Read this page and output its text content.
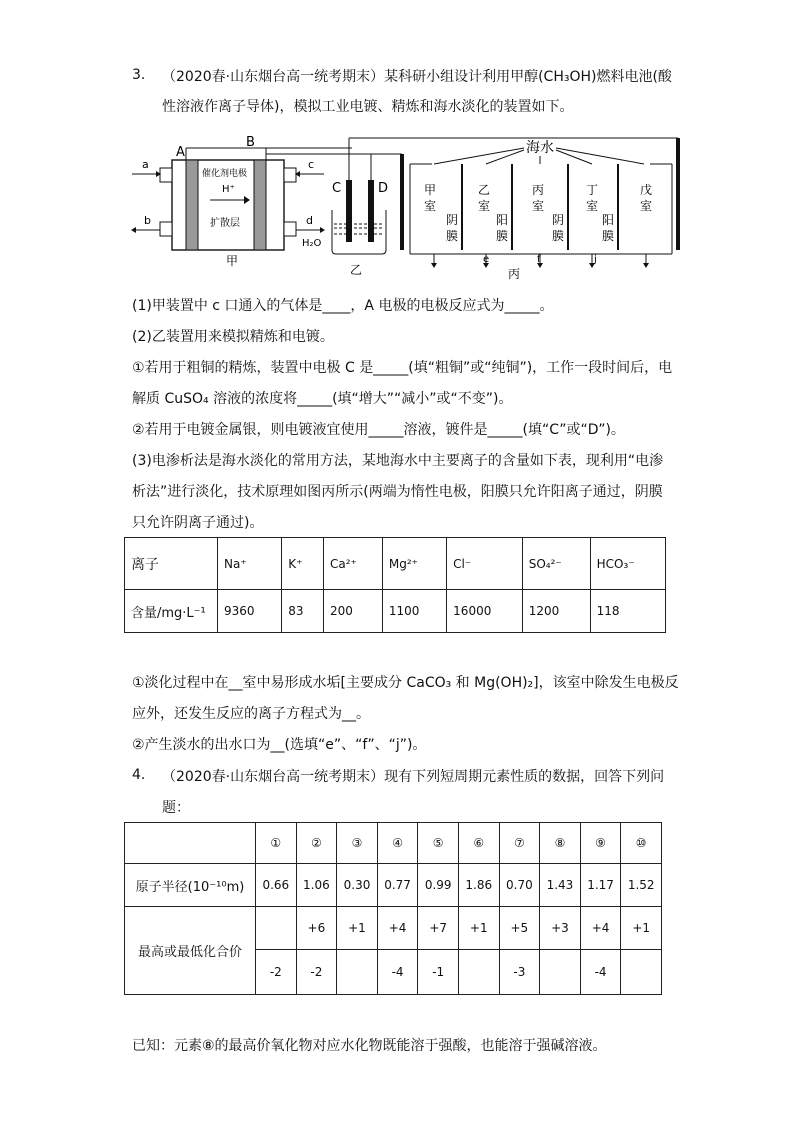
3. （2020春·山东烟台高一统考期末）某科研小组设计利用甲醇(CH₃OH)燃料电池(酸
性溶液作离子导体)，模拟工业电镀、精炼和海水淡化的装置如下。
A
B
催化剂电极
H⁺
扩散层
a
b
c
d
H₂O
甲
C	D
乙
海水
甲
室
乙
室
丙
室
丁
室
戊
室
阴
膜
阳
膜
阴
膜
阳
膜
e	f	j
丙
(1)甲装置中 c 口通入的气体是____，A 电极的电极反应式为_____。
(2)乙装置用来模拟精炼和电镀。
①若用于粗铜的精炼，装置中电极 C 是_____(填“粗铜”或“纯铜”)，工作一段时间后，电
解质 CuSO₄ 溶液的浓度将_____(填“增大”“减小”或“不变”)。
②若用于电镀金属银，则电镀液宜使用_____溶液，镀件是_____(填“C”或“D”)。
(3)电渗析法是海水淡化的常用方法，某地海水中主要离子的含量如下表，现利用“电渗
析法”进行淡化，技术原理如图丙所示(两端为惰性电极，阳膜只允许阳离子通过，阴膜
只允许阴离子通过)。
离子	Na⁺	K⁺	Ca²⁺	Mg²⁺	Cl⁻	SO₄²⁻	HCO₃⁻
含量/mg·L⁻¹	9360	83	200	1100	16000	1200	118
①淡化过程中在__室中易形成水垢[主要成分 CaCO₃ 和 Mg(OH)₂]，该室中除发生电极反
应外，还发生反应的离子方程式为__。
②产生淡水的出水口为__(选填“e”、“f”、“j”)。
4. （2020春·山东烟台高一统考期末）现有下列短周期元素性质的数据，回答下列问
题：
	①	②	③	④	⑤	⑥	⑦	⑧	⑨	⑩
原子半径(10⁻¹⁰m)	0.66	1.06	0.30	0.77	0.99	1.86	0.70	1.43	1.17	1.52
最高或最低化合价		+6	+1	+4	+7	+1	+5	+3	+4	+1
	-2	-2		-4	-1		-3		-4	
已知：元素⑧的最高价氧化物对应水化物既能溶于强酸，也能溶于强碱溶液。
